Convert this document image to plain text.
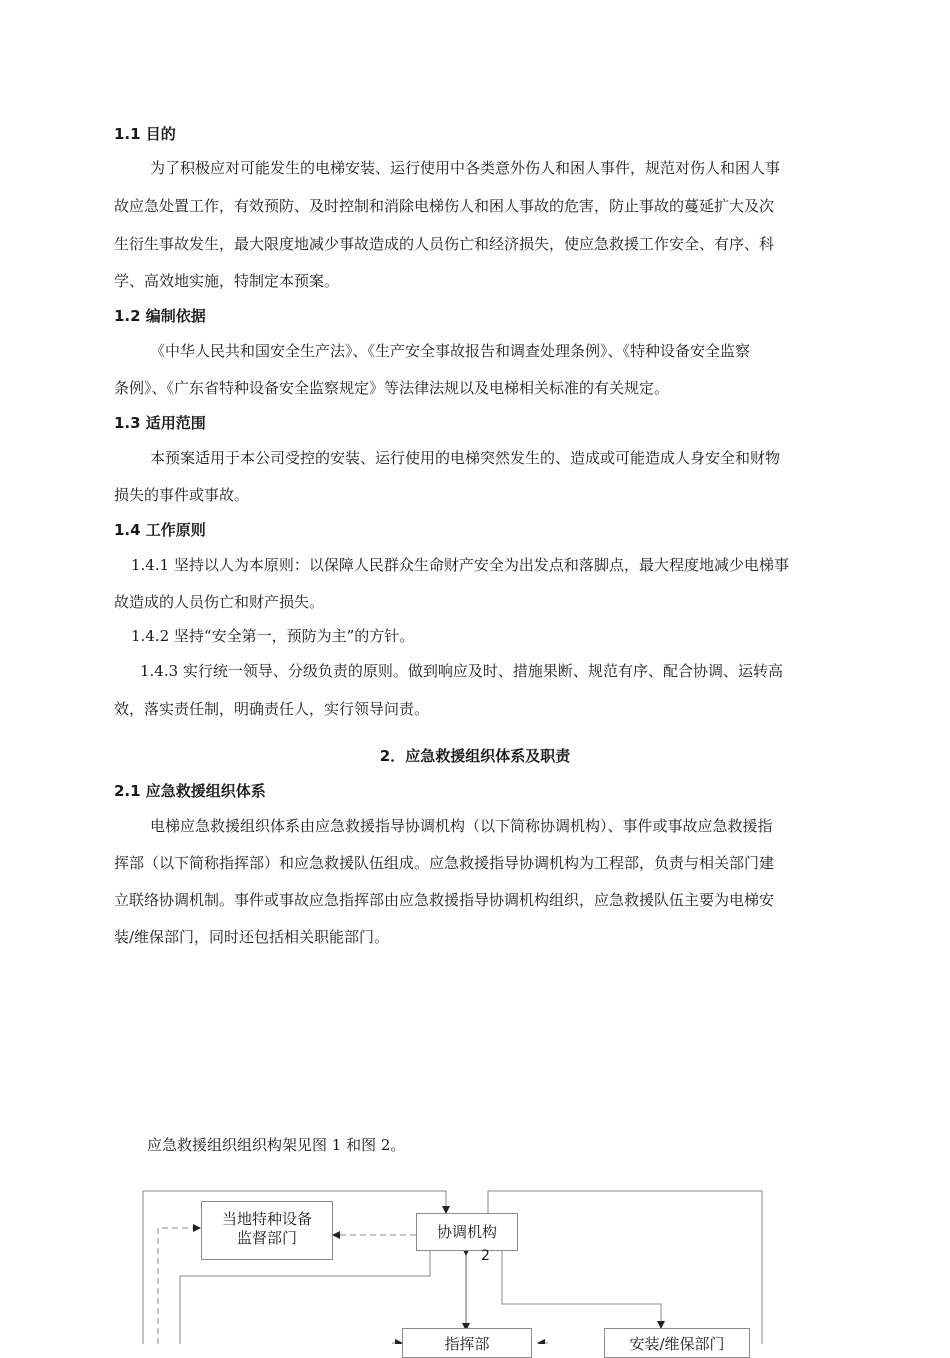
1.1 目的
为了积极应对可能发生的电梯安装、运行使用中各类意外伤人和困人事件，规范对伤人和困人事
故应急处置工作，有效预防、及时控制和消除电梯伤人和困人事故的危害，防止事故的蔓延扩大及次
生衍生事故发生，最大限度地减少事故造成的人员伤亡和经济损失，使应急救援工作安全、有序、科
学、高效地实施，特制定本预案。
1.2 编制依据
《中华人民共和国安全生产法》、《生产安全事故报告和调查处理条例》、《特种设备安全监察
条例》、《广东省特种设备安全监察规定》等法律法规以及电梯相关标准的有关规定。
1.3 适用范围
本预案适用于本公司受控的安装、运行使用的电梯突然发生的、造成或可能造成人身安全和财物
损失的事件或事故。
1.4 工作原则
1.4.1 坚持以人为本原则：以保障人民群众生命财产安全为出发点和落脚点，最大程度地减少电梯事
故造成的人员伤亡和财产损失。
1.4.2 坚持“安全第一，预防为主”的方针。
1.4.3 实行统一领导、分级负责的原则。做到响应及时、措施果断、规范有序、配合协调、运转高
效，落实责任制，明确责任人，实行领导问责。
2．应急救援组织体系及职责
2.1 应急救援组织体系
电梯应急救援组织体系由应急救援指导协调机构（以下简称协调机构）、事件或事故应急救援指
挥部（以下简称指挥部）和应急救援队伍组成。应急救援指导协调机构为工程部，负责与相关部门建
立联络协调机制。事件或事故应急指挥部由应急救援指导协调机构组织，应急救援队伍主要为电梯安
装/维保部门，同时还包括相关职能部门。
应急救援组织组织构架见图 1 和图 2。
当地特种设备
监督部门	协调机构
2
指挥部	安装/维保部门
